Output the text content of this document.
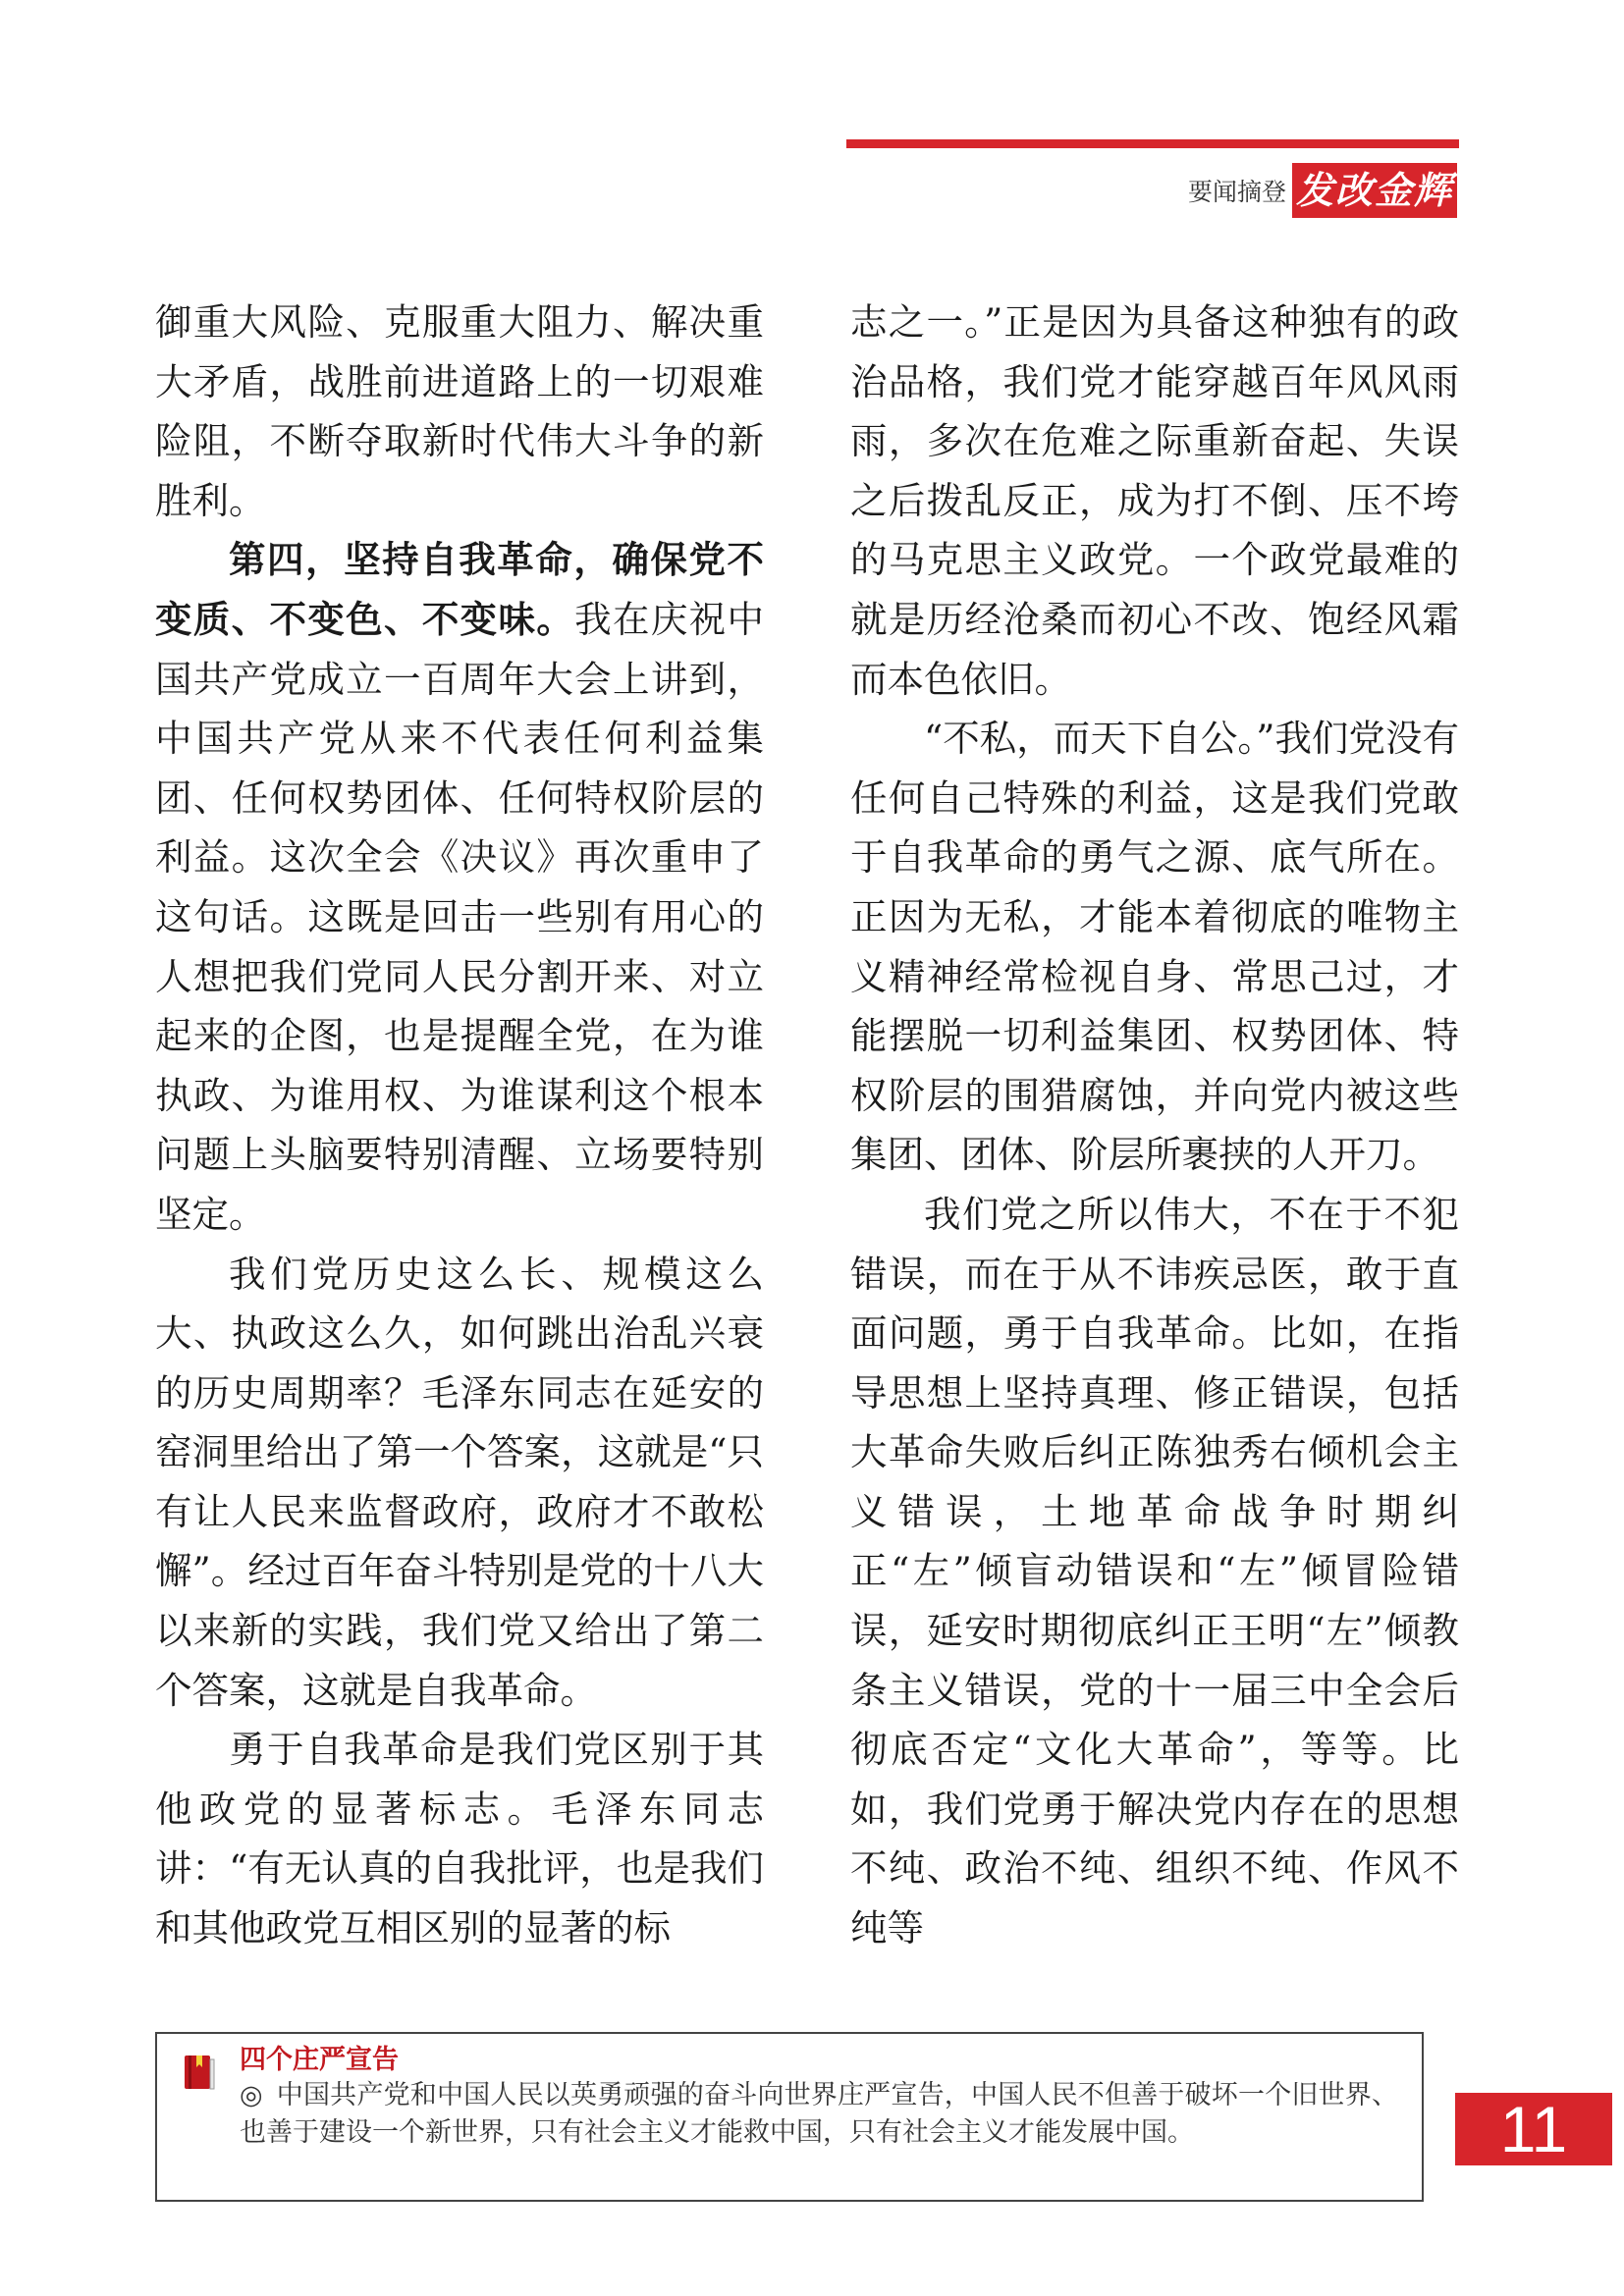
要闻摘登 发改金辉

御重大风险、克服重大阻力、解决重大矛盾，战胜前进道路上的一切艰难险阻，不断夺取新时代伟大斗争的新胜利。

第四，坚持自我革命，确保党不变质、不变色、不变味。我在庆祝中国共产党成立一百周年大会上讲到，中国共产党从来不代表任何利益集团、任何权势团体、任何特权阶层的利益。这次全会《决议》再次重申了这句话。这既是回击一些别有用心的人想把我们党同人民分割开来、对立起来的企图，也是提醒全党，在为谁执政、为谁用权、为谁谋利这个根本问题上头脑要特别清醒、立场要特别坚定。

我们党历史这么长、规模这么大、执政这么久，如何跳出治乱兴衰的历史周期率？毛泽东同志在延安的窑洞里给出了第一个答案，这就是“只有让人民来监督政府，政府才不敢松懈”。经过百年奋斗特别是党的十八大以来新的实践，我们党又给出了第二个答案，这就是自我革命。

勇于自我革命是我们党区别于其他政党的显著标志。毛泽东同志讲：“有无认真的自我批评，也是我们和其他政党互相区别的显著的标

志之一。”正是因为具备这种独有的政治品格，我们党才能穿越百年风风雨雨，多次在危难之际重新奋起、失误之后拨乱反正，成为打不倒、压不垮的马克思主义政党。一个政党最难的就是历经沧桑而初心不改、饱经风霜而本色依旧。

“不私，而天下自公。”我们党没有任何自己特殊的利益，这是我们党敢于自我革命的勇气之源、底气所在。正因为无私，才能本着彻底的唯物主义精神经常检视自身、常思己过，才能摆脱一切利益集团、权势团体、特权阶层的围猎腐蚀，并向党内被这些集团、团体、阶层所裹挟的人开刀。

我们党之所以伟大，不在于不犯错误，而在于从不讳疾忌医，敢于直面问题，勇于自我革命。比如，在指导思想上坚持真理、修正错误，包括大革命失败后纠正陈独秀右倾机会主义错误，土地革命战争时期纠正“左”倾盲动错误和“左”倾冒险错误，延安时期彻底纠正王明“左”倾教条主义错误，党的十一届三中全会后彻底否定“文化大革命”，等等。比如，我们党勇于解决党内存在的思想不纯、政治不纯、组织不纯、作风不纯等

四个庄严宣告
◎ 中国共产党和中国人民以英勇顽强的奋斗向世界庄严宣告，中国人民不但善于破坏一个旧世界、也善于建设一个新世界，只有社会主义才能救中国，只有社会主义才能发展中国。	11
